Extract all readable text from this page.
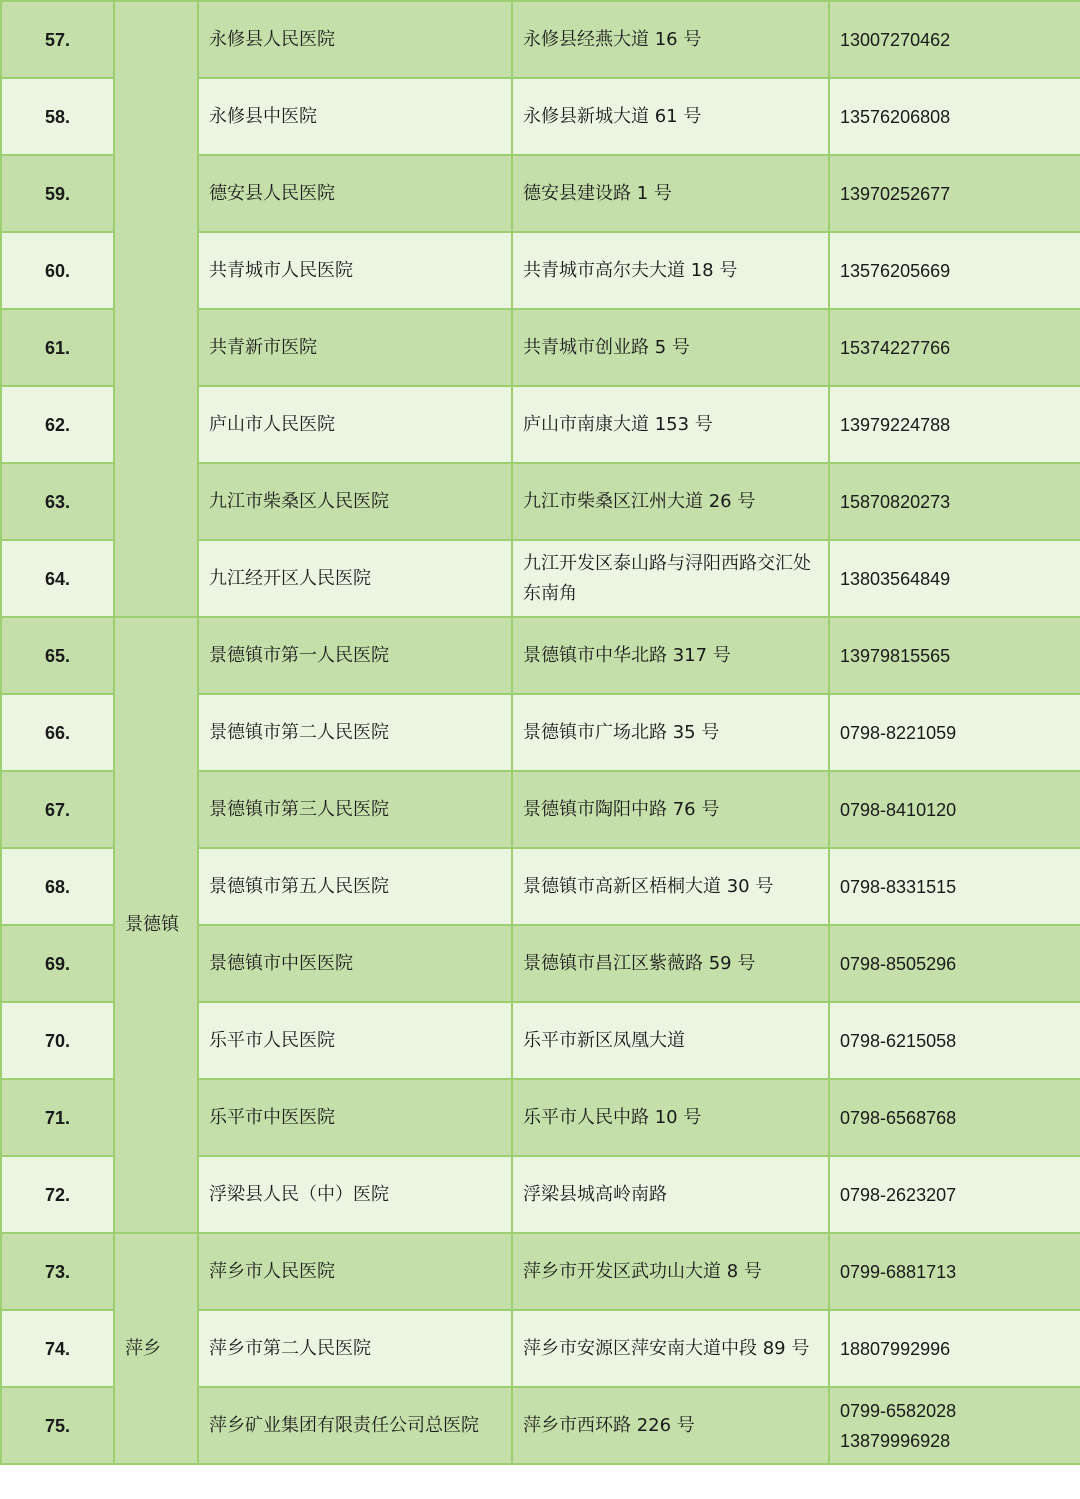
57.		永修县人民医院	永修县经燕大道 16 号	13007270462
58.		永修县中医院	永修县新城大道 61 号	13576206808
59.		德安县人民医院	德安县建设路 1 号	13970252677
60.		共青城市人民医院	共青城市高尔夫大道 18 号	13576205669
61.		共青新市医院	共青城市创业路 5 号	15374227766
62.		庐山市人民医院	庐山市南康大道 153 号	13979224788
63.		九江市柴桑区人民医院	九江市柴桑区江州大道 26 号	15870820273
64.		九江经开区人民医院	九江开发区泰山路与浔阳西路交汇处东南角	13803564849
65.	景德镇	景德镇市第一人民医院	景德镇市中华北路 317 号	13979815565
66.		景德镇市第二人民医院	景德镇市广场北路 35 号	0798-8221059
67.		景德镇市第三人民医院	景德镇市陶阳中路 76 号	0798-8410120
68.		景德镇市第五人民医院	景德镇市高新区梧桐大道 30 号	0798-8331515
69.		景德镇市中医医院	景德镇市昌江区紫薇路 59 号	0798-8505296
70.		乐平市人民医院	乐平市新区凤凰大道	0798-6215058
71.		乐平市中医医院	乐平市人民中路 10 号	0798-6568768
72.		浮梁县人民（中）医院	浮梁县城高岭南路	0798-2623207
73.	萍乡	萍乡市人民医院	萍乡市开发区武功山大道 8 号	0799-6881713
74.		萍乡市第二人民医院	萍乡市安源区萍安南大道中段 89 号	18807992996
75.		萍乡矿业集团有限责任公司总医院	萍乡市西环路 226 号	0799-6582028 13879996928
